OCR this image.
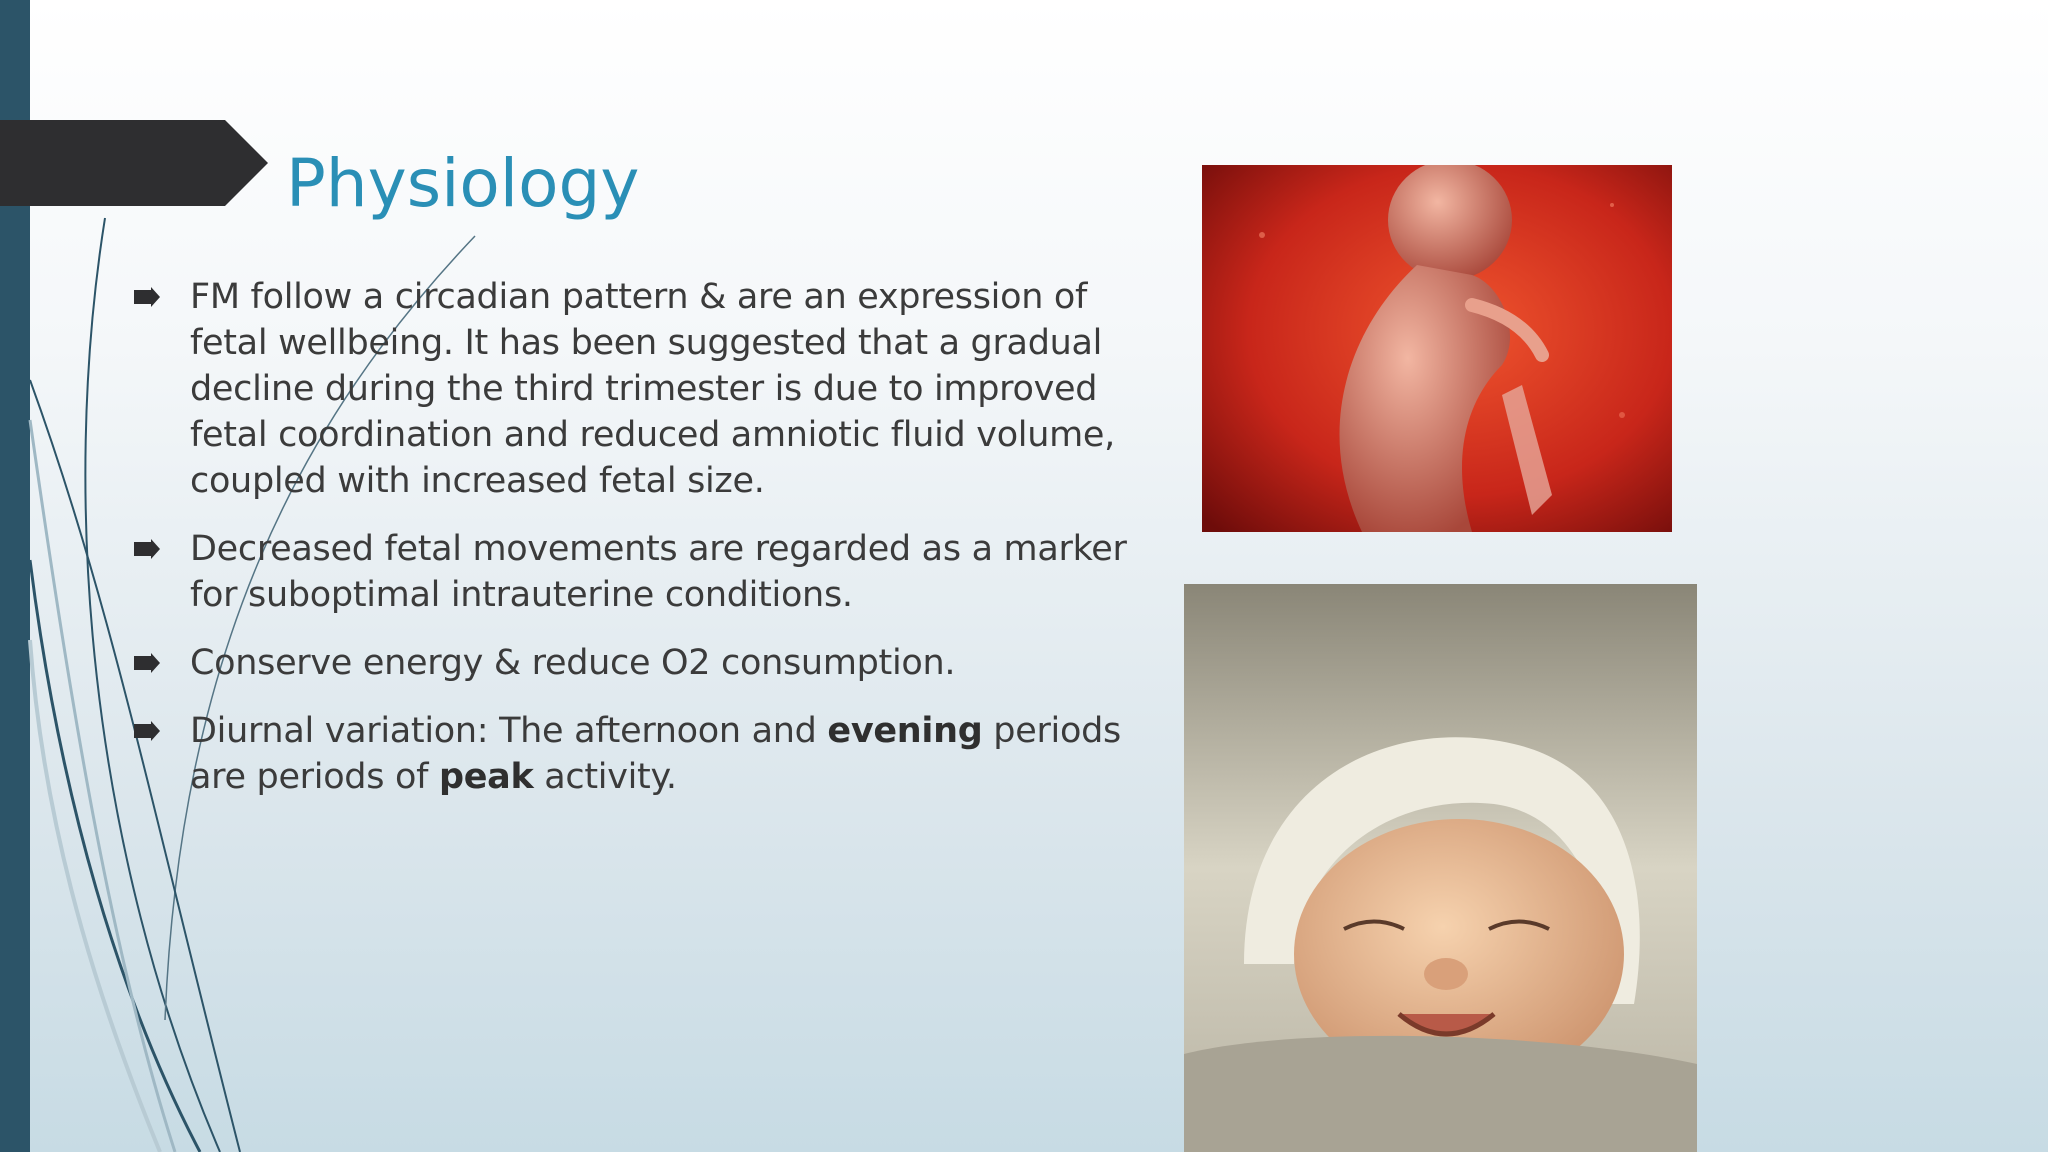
Physiology
FM follow a circadian pattern & are an expression of fetal wellbeing. It has been suggested that a gradual decline during the third trimester is due to improved fetal coordination and reduced amniotic fluid volume, coupled with increased fetal size.
Decreased fetal movements are regarded as a marker for suboptimal intrauterine conditions.
Conserve energy & reduce O2 consumption.
Diurnal variation: The afternoon and evening periods are periods of peak activity.
